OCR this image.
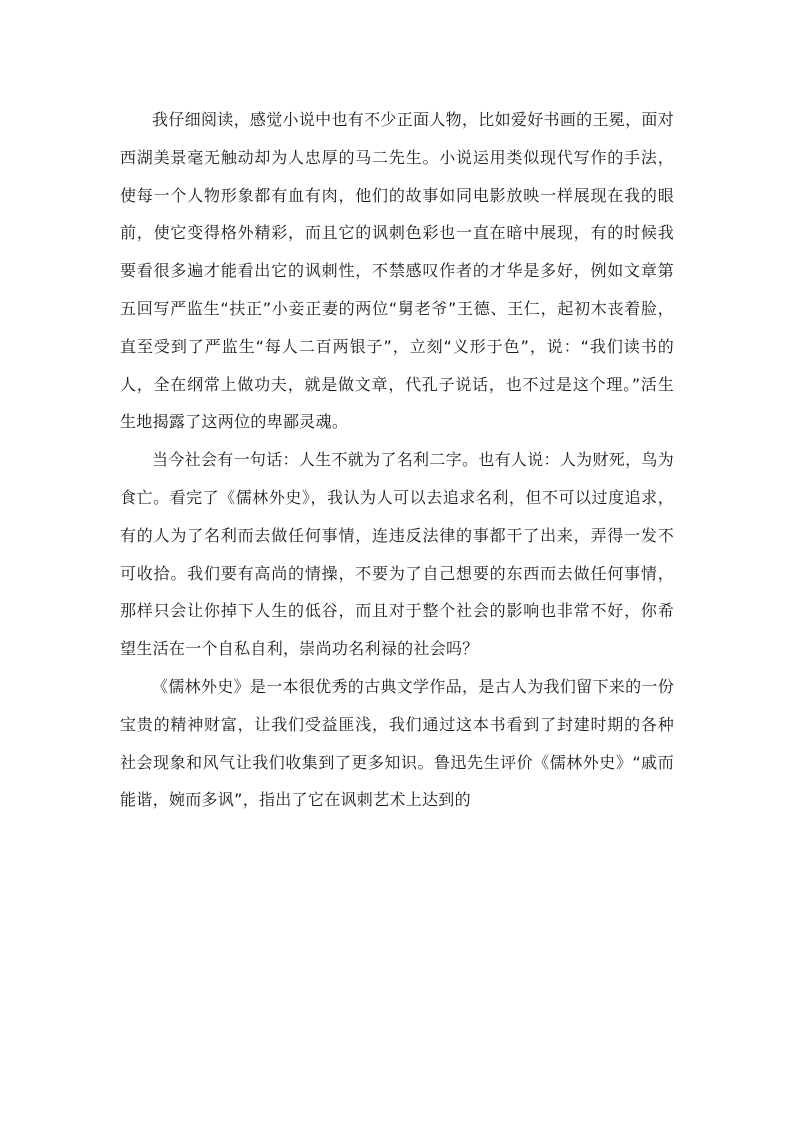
我仔细阅读，感觉小说中也有不少正面人物，比如爱好书画的王冕，面对西湖美景毫无触动却为人忠厚的马二先生。小说运用类似现代写作的手法，使每一个人物形象都有血有肉，他们的故事如同电影放映一样展现在我的眼前，使它变得格外精彩，而且它的讽刺色彩也一直在暗中展现，有的时候我要看很多遍才能看出它的讽刺性，不禁感叹作者的才华是多好，例如文章第五回写严监生“扶正”小妾正妻的两位“舅老爷”王德、王仁，起初木丧着脸，直至受到了严监生“每人二百两银子”，立刻“义形于色”，说：“我们读书的人，全在纲常上做功夫，就是做文章，代孔子说话，也不过是这个理。”活生生地揭露了这两位的卑鄙灵魂。

当今社会有一句话：人生不就为了名利二字。也有人说：人为财死，鸟为食亡。看完了《儒林外史》，我认为人可以去追求名利，但不可以过度追求，有的人为了名利而去做任何事情，连违反法律的事都干了出来，弄得一发不可收拾。我们要有高尚的情操，不要为了自己想要的东西而去做任何事情，那样只会让你掉下人生的低谷，而且对于整个社会的影响也非常不好，你希望生活在一个自私自利，崇尚功名利禄的社会吗？

《儒林外史》是一本很优秀的古典文学作品，是古人为我们留下来的一份宝贵的精神财富，让我们受益匪浅，我们通过这本书看到了封建时期的各种社会现象和风气让我们收集到了更多知识。鲁迅先生评价《儒林外史》“戚而能谐，婉而多讽”，指出了它在讽刺艺术上达到的
